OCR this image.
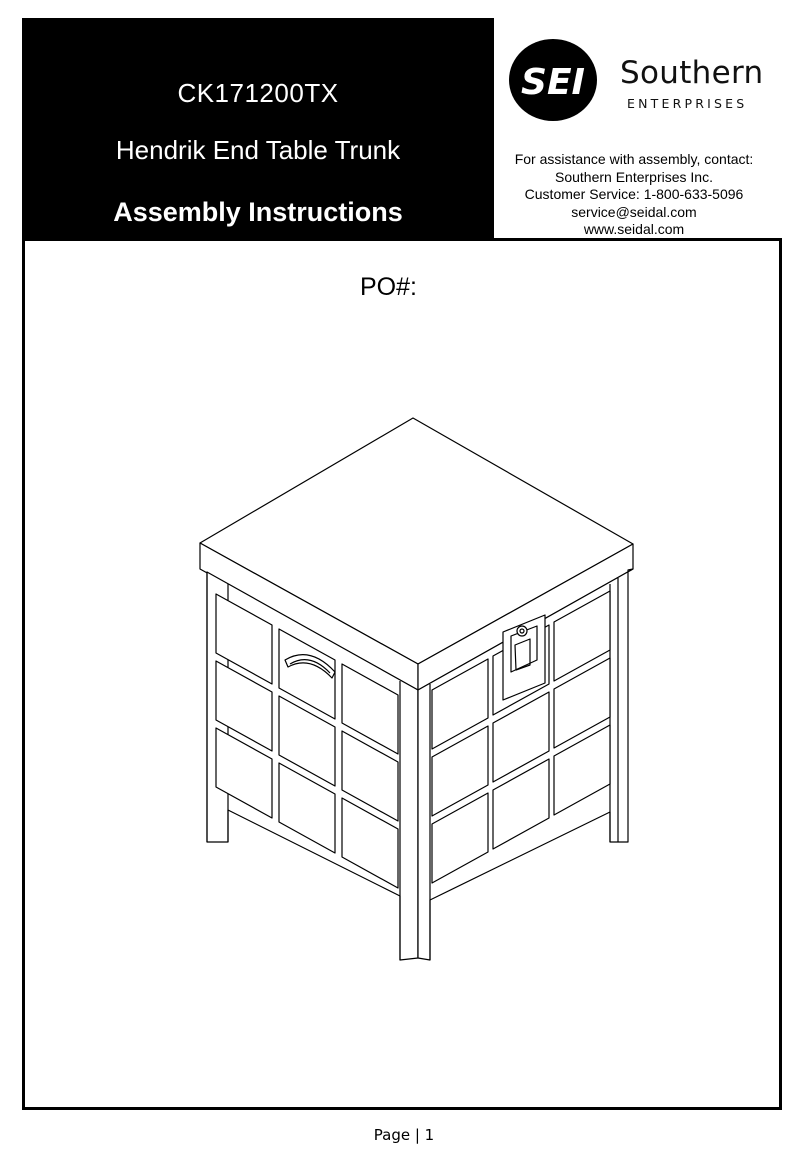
CK171200TX
Hendrik End Table Trunk
Assembly Instructions
SEI Southern
ENTERPRISES
For assistance with assembly, contact:
Southern Enterprises Inc.
Customer Service: 1-800-633-5096
service@seidal.com
www.seidal.com
PO#:
Page | 1
